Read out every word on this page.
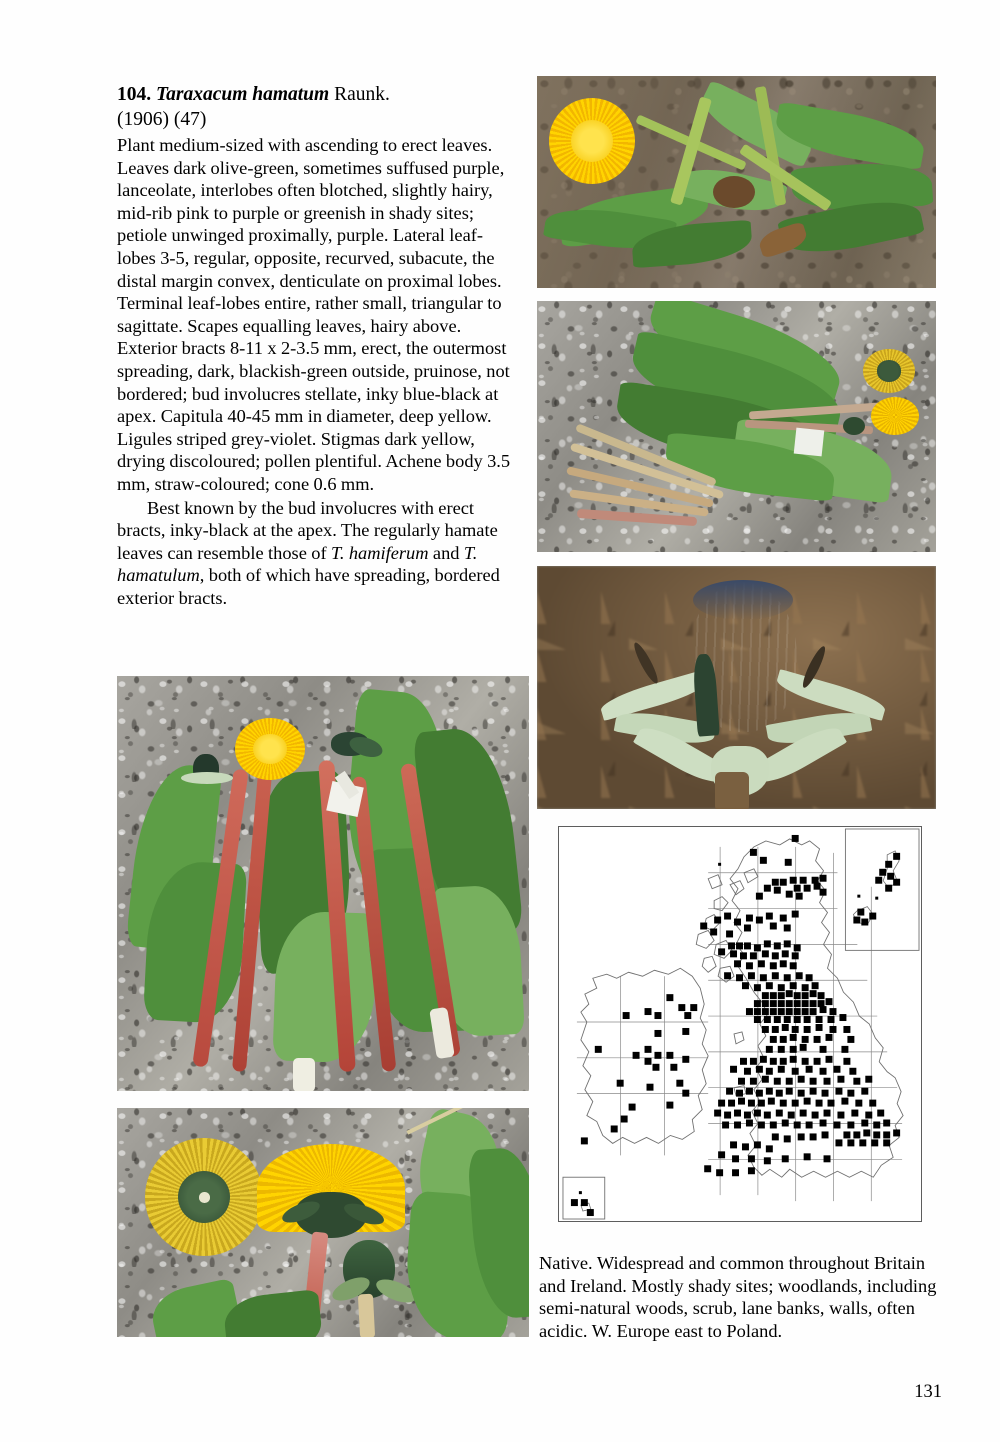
104. Taraxacum hamatum Raunk.
(1906) (47)

Plant medium-sized with ascending to erect leaves. Leaves dark olive-green, sometimes suffused purple, lanceolate, interlobes often blotched, slightly hairy, mid-rib pink to purple or greenish in shady sites; petiole unwinged proximally, purple. Lateral leaf-lobes 3-5, regular, opposite, recurved, subacute, the distal margin convex, denticulate on proximal lobes. Terminal leaf-lobes entire, rather small, triangular to sagittate. Scapes equalling leaves, hairy above. Exterior bracts 8-11 x 2-3.5 mm, erect, the outermost spreading, dark, blackish-green outside, pruinose, not bordered; bud involucres stellate, inky blue-black at apex. Capitula 40-45 mm in diameter, deep yellow. Ligules striped grey-violet. Stigmas dark yellow, drying discoloured; pollen plentiful. Achene body 3.5 mm, straw-coloured; cone 0.6 mm.

Best known by the bud involucres with erect bracts, inky-black at the apex. The regularly hamate leaves can resemble those of T. hamiferum and T. hamatulum, both of which have spreading, bordered exterior bracts.

Native. Widespread and common throughout Britain and Ireland. Mostly shady sites; woodlands, including semi-natural woods, scrub, lane banks, walls, often acidic. W. Europe east to Poland.

131
